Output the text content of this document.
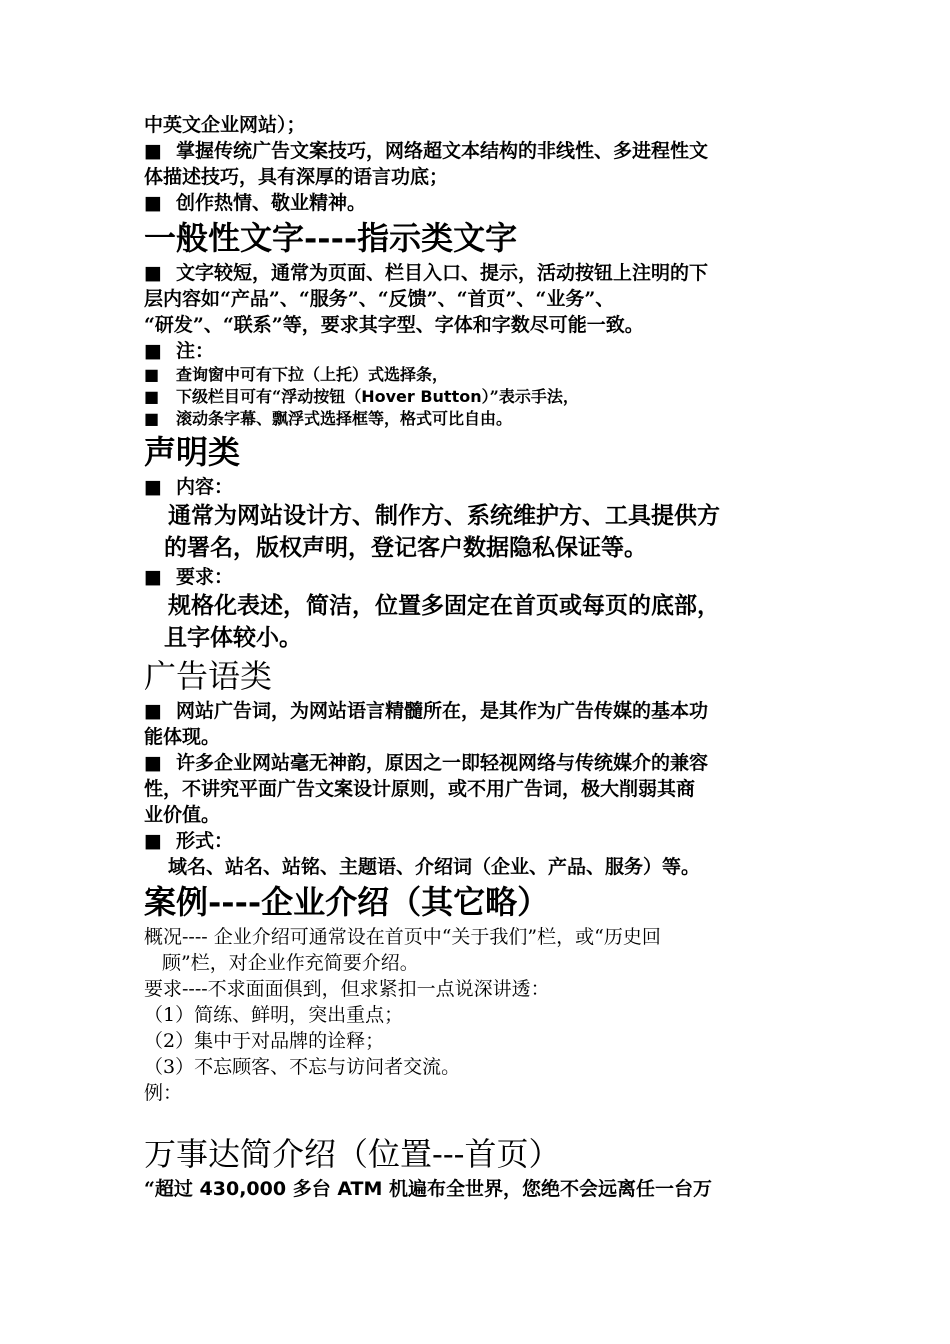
中英文企业网站）；

■ 掌握传统广告文案技巧，网络超文本结构的非线性、多进程性文

体描述技巧，具有深厚的语言功底；

■ 创作热情、敬业精神。

一般性文字----指示类文字

■ 文字较短，通常为页面、栏目入口、提示，活动按钮上注明的下

层内容如“产品”、“服务”、“反馈”、“首页”、“业务”、

“研发”、“联系”等，要求其字型、字体和字数尽可能一致。

■ 注：

■ 查询窗中可有下拉（上托）式选择条，

■ 下级栏目可有“浮动按钮（Hover Button）”表示手法，

■ 滚动条字幕、飘浮式选择框等，格式可比自由。

声明类

■ 内容：

通常为网站设计方、制作方、系统维护方、工具提供方

的署名，版权声明，登记客户数据隐私保证等。

■ 要求：

规格化表述，简洁，位置多固定在首页或每页的底部，

且字体较小。

广告语类

■ 网站广告词，为网站语言精髓所在，是其作为广告传媒的基本功

能体现。

■ 许多企业网站毫无神韵，原因之一即轻视网络与传统媒介的兼容

性，不讲究平面广告文案设计原则，或不用广告词，极大削弱其商

业价值。

■ 形式：

域名、站名、站铭、主题语、介绍词（企业、产品、服务）等。

案例----企业介绍（其它略）

概况---- 企业介绍可通常设在首页中“关于我们”栏，或“历史回

顾”栏，对企业作充简要介绍。

要求----不求面面俱到，但求紧扣一点说深讲透：

（1）简练、鲜明，突出重点；

（2）集中于对品牌的诠释；

（3）不忘顾客、不忘与访问者交流。

例：

万事达简介绍（位置---首页）

“超过 430,000 多台 ATM 机遍布全世界，您绝不会远离任一台万
